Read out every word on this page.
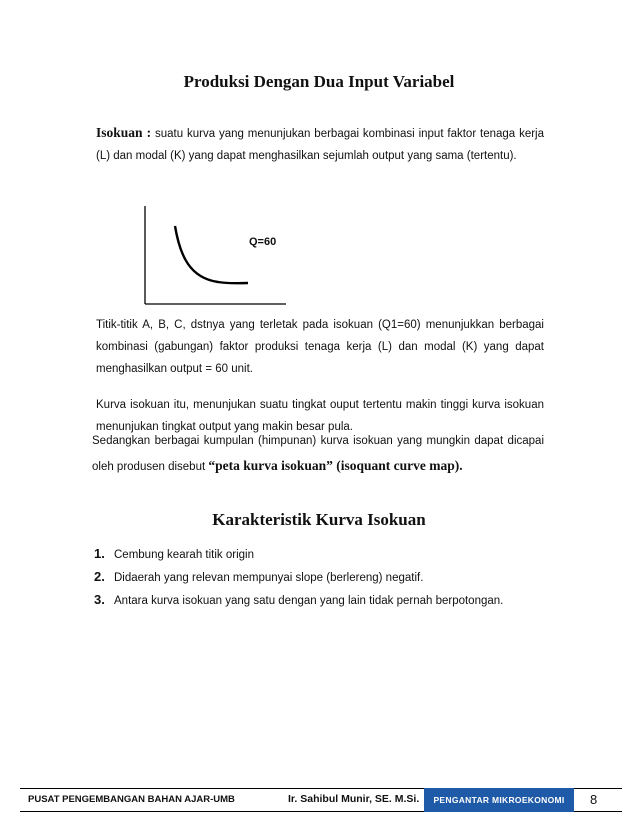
Produksi Dengan Dua Input Variabel
Isokuan : suatu kurva yang menunjukan berbagai kombinasi input faktor tenaga kerja
(L) dan modal (K) yang dapat menghasilkan sejumlah output yang sama (tertentu).
Q=60
Titik-titik A, B, C, dstnya yang terletak pada isokuan (Q1=60) menunjukkan berbagai
kombinasi (gabungan) faktor produksi tenaga kerja (L) dan modal (K) yang dapat
menghasilkan output = 60 unit.
Kurva isokuan itu, menunjukan suatu tingkat ouput tertentu makin tinggi kurva isokuan
menunjukan tingkat output yang makin besar pula.
Sedangkan berbagai kumpulan (himpunan) kurva isokuan yang mungkin dapat dicapai
oleh produsen disebut “peta kurva isokuan” (isoquant curve map).
Karakteristik Kurva Isokuan
1. Cembung kearah titik origin
2. Didaerah yang relevan mempunyai slope (berlereng) negatif.
3. Antara kurva isokuan yang satu dengan yang lain tidak pernah berpotongan.
PUSAT PENGEMBANGAN BAHAN AJAR-UMB	Ir. Sahibul Munir, SE. M.Si.	PENGANTAR MIKROEKONOMI	8
